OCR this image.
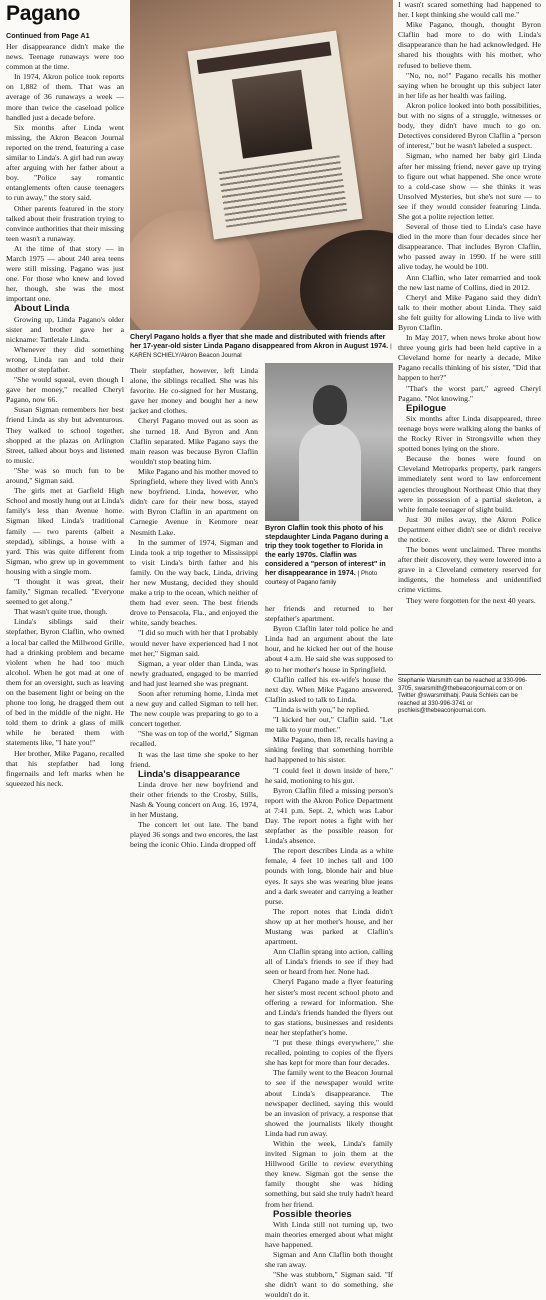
Pagano
Continued from Page A1

Her disappearance didn't make the news. Teenage runaways were too common at the time.

In 1974, Akron police took reports on 1,882 of them. That was an average of 36 runaways a week — more than twice the caseload police handled just a decade before.

Six months after Linda went missing, the Akron Beacon Journal reported on the trend, featuring a case similar to Linda's. A girl had run away after arguing with her father about a boy. "Police say romantic entanglements often cause teenagers to run away," the story said.

Other parents featured in the story talked about their frustration trying to convince authorities that their missing teen wasn't a runaway.

At the time of that story — in March 1975 — about 240 area teens were still missing. Pagano was just one. For those who knew and loved her, though, she was the most important one.

About Linda

Growing up, Linda Pagano's older sister and brother gave her a nickname: Tattletale Linda.

Whenever they did something wrong, Linda ran and told their mother or stepfather.

"She would squeal, even though I gave her money," recalled Cheryl Pagano, now 66.

Susan Sigman remembers her best friend Linda as shy but adventurous. They walked to school together, shopped at the plazas on Arlington Street, talked about boys and listened to music.

"She was so much fun to be around," Sigman said.

The girls met at Garfield High School and mostly hung out at Linda's family's less than Avenue home. Sigman liked Linda's traditional family — two parents (albeit a stepdad), siblings, a house with a yard. This was quite different from Sigman, who grew up in government housing with a single mom.

"I thought it was great, their family," Sigman recalled. "Everyone seemed to get along."

That wasn't quite true, though.

Linda's siblings said their stepfather, Byron Claflin, who owned a local bar called the Millwood Grille, had a drinking problem and became violent when he had too much alcohol. When he got mad at one of them for an oversight, such as leaving on the basement light or being on the phone too long, he dragged them out of bed in the middle of the night. He told them to drink a glass of milk while he berated them with statements like, "I hate you!"

Her brother, Mike Pagano, recalled that his stepfather had long fingernails and left marks when he squeezed his neck.

Cheryl Pagano holds a flyer that she made and distributed with friends after her 17-year-old sister Linda Pagano disappeared from Akron in August 1974. | KAREN SCHIELY/Akron Beacon Journal

Their stepfather, however, left Linda alone, the siblings recalled. She was his favorite. He co-signed for her Mustang, gave her money and bought her a new jacket and clothes.

Cheryl Pagano moved out as soon as she turned 18. And Byron and Ann Claflin separated. Mike Pagano says the main reason was because Byron Claflin wouldn't stop beating him.

Mike Pagano and his mother moved to Springfield, where they lived with Ann's new boyfriend. Linda, however, who didn't care for their new boss, stayed with Byron Claflin in an apartment on Carnegie Avenue in Kenmore near Nesmith Lake.

In the summer of 1974, Sigman and Linda took a trip together to Mississippi to visit Linda's birth father and his family. On the way back, Linda, driving her new Mustang, decided they should make a trip to the ocean, which neither of them had ever seen. The best friends drove to Pensacola, Fla., and enjoyed the white, sandy beaches.

"I did so much with her that I probably would never have experienced had I not met her," Sigman said.

Sigman, a year older than Linda, was newly graduated, engaged to be married and had just learned she was pregnant.

Soon after returning home, Linda met a new guy and called Sigman to tell her. The new couple was preparing to go to a concert together.

"She was on top of the world," Sigman recalled.

It was the last time she spoke to her friend.

Linda's disappearance

Linda drove her new boyfriend and their other friends to the Crosby, Stills, Nash & Young concert on Aug. 16, 1974, in her Mustang.

The concert let out late. The band played 36 songs and two encores, the last being the iconic Ohio. Linda dropped off

Byron Claflin took this photo of his stepdaughter Linda Pagano during a trip they took together to Florida in the early 1970s. Claflin was considered a "person of interest" in her disappearance in 1974. | Photo courtesy of Pagano family

her friends and returned to her stepfather's apartment.

Byron Claflin later told police he and Linda had an argument about the late hour, and he kicked her out of the house about 4 a.m. He said she was supposed to go to her mother's house in Springfield.

Claflin called his ex-wife's house the next day. When Mike Pagano answered, Claflin asked to talk to Linda.

"Linda is with you," he replied.

"I kicked her out," Claflin said. "Let me talk to your mother."

Mike Pagano, then 18, recalls having a sinking feeling that something horrible had happened to his sister.

"I could feel it down inside of here," he said, motioning to his gut.

Byron Claflin filed a missing person's report with the Akron Police Department at 7:41 p.m. Sept. 2, which was Labor Day. The report notes a fight with her stepfather as the possible reason for Linda's absence.

The report describes Linda as a white female, 4 feet 10 inches tall and 100 pounds with long, blonde hair and blue eyes. It says she was wearing blue jeans and a dark sweater and carrying a leather purse.

The report notes that Linda didn't show up at her mother's house, and her Mustang was parked at Claflin's apartment.

Ann Claflin sprang into action, calling all of Linda's friends to see if they had seen or heard from her. None had.

Cheryl Pagano made a flyer featuring her sister's most recent school photo and offering a reward for information. She and Linda's friends handed the flyers out to gas stations, businesses and residents near her stepfather's home.

"I put these things everywhere," she recalled, pointing to copies of the flyers she has kept for more than four decades.

The family went to the Beacon Journal to see if the newspaper would write about Linda's disappearance. The newspaper declined, saying this would be an invasion of privacy, a response that showed the journalists likely thought Linda had run away.

Within the week, Linda's family invited Sigman to join them at the Hillwood Grille to review everything they knew. Sigman got the sense the family thought she was hiding something, but said she truly hadn't heard from her friend.

Possible theories

With Linda still not turning up, two main theories emerged about what might have happened.

Sigman and Ann Claflin both thought she ran away.

"She was stubborn," Sigman said. "If she didn't want to do something, she wouldn't do it.

I wasn't scared something had happened to her. I kept thinking she would call me."

Mike Pagano, though, thought Byron Claflin had more to do with Linda's disappearance than he had acknowledged. He shared his thoughts with his mother, who refused to believe them.

"No, no, no!" Pagano recalls his mother saying when he brought up this subject later in her life as her health was failing.

Akron police looked into both possibilities, but with no signs of a struggle, witnesses or body, they didn't have much to go on. Detectives considered Byron Claflin a "person of interest," but he wasn't labeled a suspect.

Sigman, who named her baby girl Linda after her missing friend, never gave up trying to figure out what happened. She once wrote to a cold-case show — she thinks it was Unsolved Mysteries, but she's not sure — to see if they would consider featuring Linda. She got a polite rejection letter.

Several of those tied to Linda's case have died in the more than four decades since her disappearance. That includes Byron Claflin, who passed away in 1990. If he were still alive today, he would be 100.

Ann Claflin, who later remarried and took the new last name of Collins, died in 2012.

Cheryl and Mike Pagano said they didn't talk to their mother about Linda. They said she felt guilty for allowing Linda to live with Byron Claflin.

In May 2017, when news broke about how three young girls had been held captive in a Cleveland home for nearly a decade, Mike Pagano recalls thinking of his sister, "Did that happen to her?"

"That's the worst part," agreed Cheryl Pagano. "Not knowing."

Epilogue

Six months after Linda disappeared, three teenage boys were walking along the banks of the Rocky River in Strongsville when they spotted bones lying on the shore.

Because the bones were found on Cleveland Metroparks property, park rangers immediately sent word to law enforcement agencies throughout Northeast Ohio that they were in possession of a partial skeleton, a white female teenager of slight build.

Just 30 miles away, the Akron Police Department either didn't see or didn't receive the notice.

The bones went unclaimed. Three months after their discovery, they were lowered into a grave in a Cleveland cemetery reserved for indigents, the homeless and unidentified crime victims.

They were forgotten for the next 40 years.

Stephanie Warsmith can be reached at 330-996-3705, swarsmith@thebeaconjournal.com or on Twitter @swarsmithabj. Paula Schleis can be reached at 330-996-3741 or pschleis@thebeaconjournal.com.
